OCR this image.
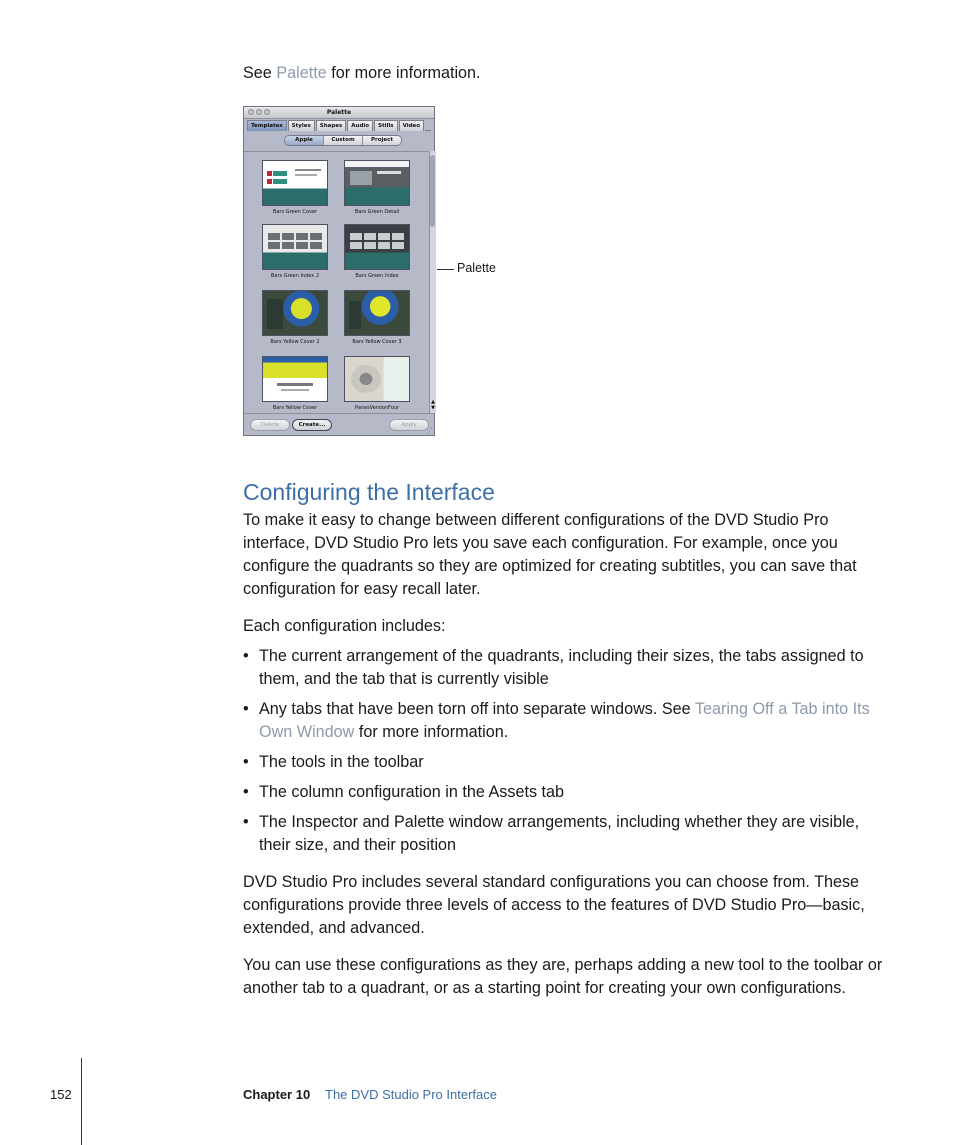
See Palette for more information.
Palette
Templates	Styles	Shapes	Audio	Stills	Video
Apple	Custom	Project
Bars Green Cover	Bars Green Detail
Bars Green Index 2	Bars Green Index
Bars Yellow Cover 2	Bars Yellow Cover 3
Bars Yellow Cover	PanesVersionFour
▲
▼
Delete	Create...	Apply
⋰
Palette
Configuring the Interface
To make it easy to change between different configurations of the DVD Studio Pro interface, DVD Studio Pro lets you save each configuration. For example, once you configure the quadrants so they are optimized for creating subtitles, you can save that configuration for easy recall later.
Each configuration includes:
• The current arrangement of the quadrants, including their sizes, the tabs assigned to them, and the tab that is currently visible
• Any tabs that have been torn off into separate windows. See Tearing Off a Tab into Its Own Window for more information.
• The tools in the toolbar
• The column configuration in the Assets tab
• The Inspector and Palette window arrangements, including whether they are visible, their size, and their position
DVD Studio Pro includes several standard configurations you can choose from. These configurations provide three levels of access to the features of DVD Studio Pro—basic, extended, and advanced.
You can use these configurations as they are, perhaps adding a new tool to the toolbar or another tab to a quadrant, or as a starting point for creating your own configurations.
152	Chapter 10 The DVD Studio Pro Interface
